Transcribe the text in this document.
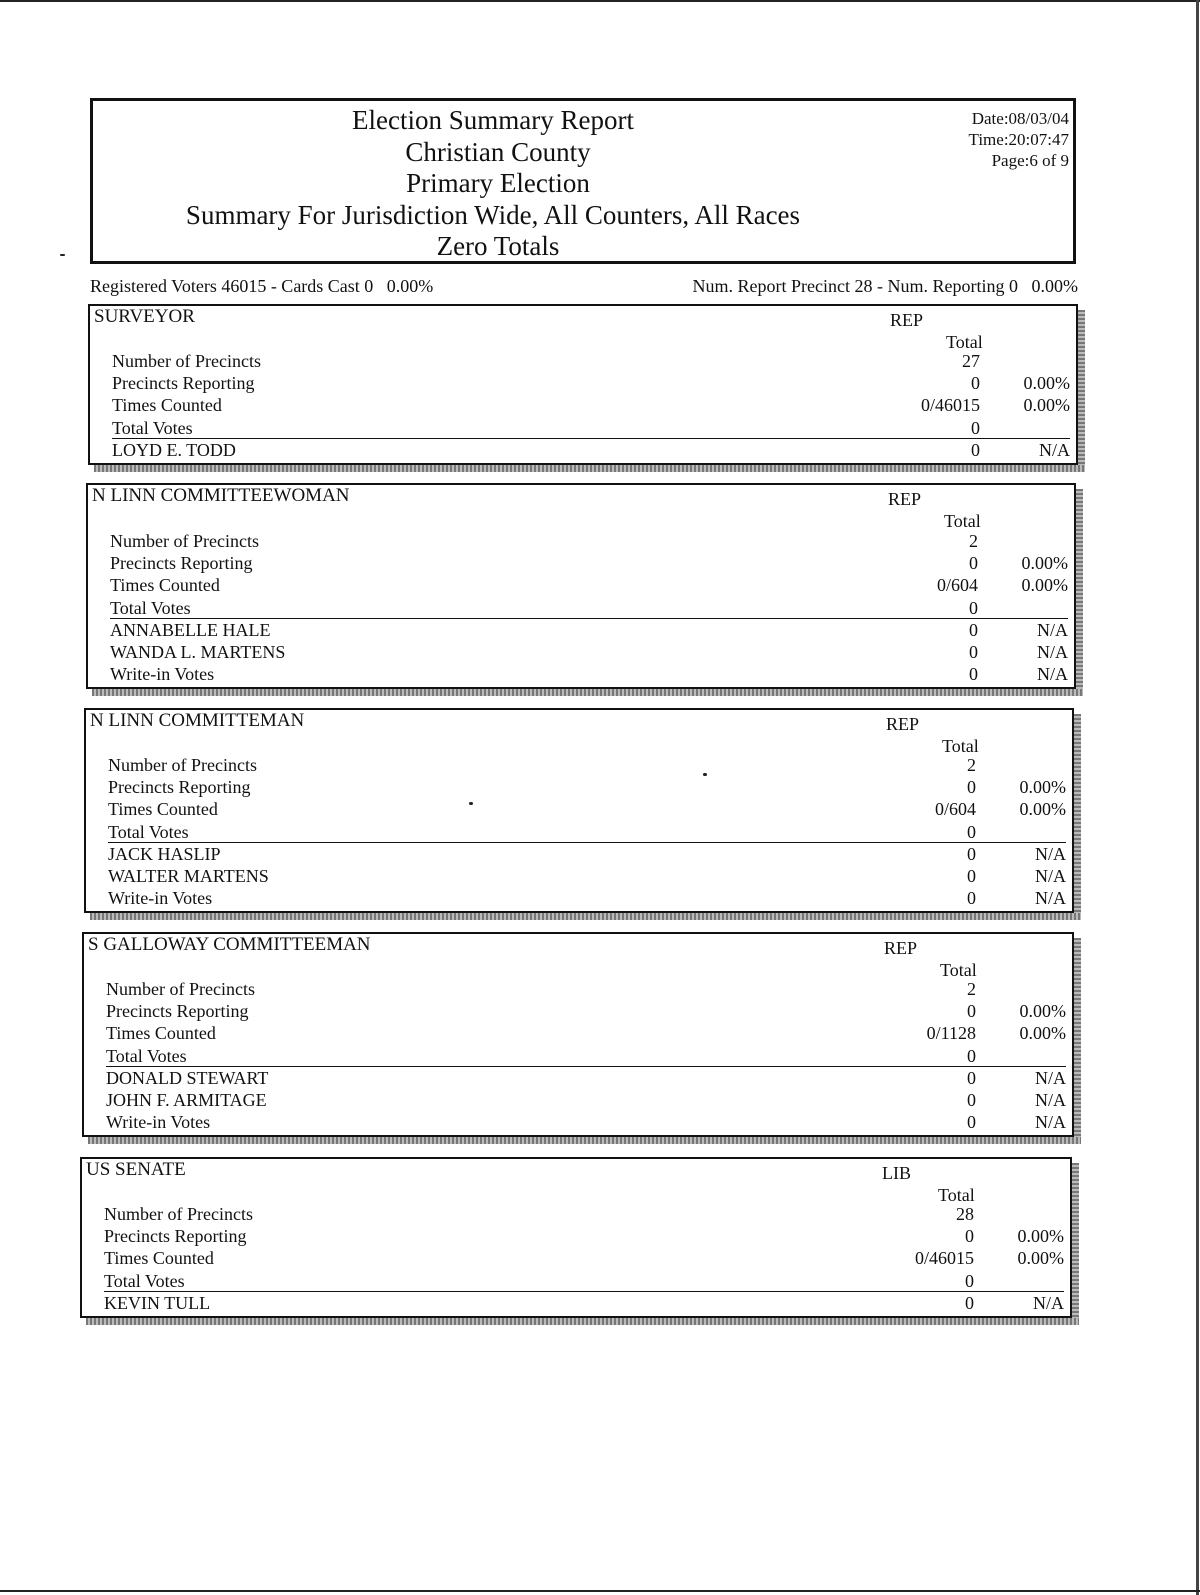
Election Summary Report
Christian County
Primary Election
Summary For Jurisdiction Wide, All Counters, All Races
Zero Totals
Date:08/03/04
Time:20:07:47
Page:6 of 9
Registered Voters 46015 - Cards Cast 0   0.00%	Num. Report Precinct 28 - Num. Reporting 0   0.00%
SURVEYOR	REP
Total
Number of Precincts	27
Precincts Reporting	0	0.00%
Times Counted	0/46015	0.00%
Total Votes	0
LOYD E. TODD	0	N/A
N LINN COMMITTEEWOMAN	REP
Total
Number of Precincts	2
Precincts Reporting	0	0.00%
Times Counted	0/604	0.00%
Total Votes	0
ANNABELLE HALE	0	N/A
WANDA L. MARTENS	0	N/A
Write-in Votes	0	N/A
N LINN COMMITTEMAN	REP
Total
Number of Precincts	2
Precincts Reporting	0	0.00%
Times Counted	0/604	0.00%
Total Votes	0
JACK HASLIP	0	N/A
WALTER MARTENS	0	N/A
Write-in Votes	0	N/A
S GALLOWAY COMMITTEEMAN	REP
Total
Number of Precincts	2
Precincts Reporting	0	0.00%
Times Counted	0/1128	0.00%
Total Votes	0
DONALD STEWART	0	N/A
JOHN F. ARMITAGE	0	N/A
Write-in Votes	0	N/A
US SENATE	LIB
Total
Number of Precincts	28
Precincts Reporting	0	0.00%
Times Counted	0/46015	0.00%
Total Votes	0
KEVIN TULL	0	N/A
